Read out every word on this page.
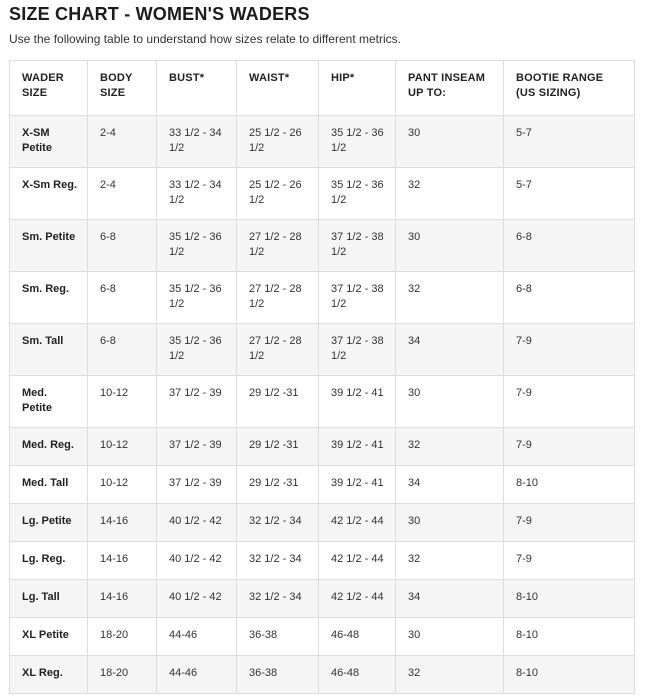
SIZE CHART - WOMEN'S WADERS
Use the following table to understand how sizes relate to different metrics.
WADER SIZE	BODY SIZE	BUST*	WAIST*	HIP*	PANT INSEAM UP TO:	BOOTIE RANGE (US SIZING)
X-SM Petite	2-4	33 1/2 - 34 1/2	25 1/2 - 26 1/2	35 1/2 - 36 1/2	30	5-7
X-Sm Reg.	2-4	33 1/2 - 34 1/2	25 1/2 - 26 1/2	35 1/2 - 36 1/2	32	5-7
Sm. Petite	6-8	35 1/2 - 36 1/2	27 1/2 - 28 1/2	37 1/2 - 38 1/2	30	6-8
Sm. Reg.	6-8	35 1/2 - 36 1/2	27 1/2 - 28 1/2	37 1/2 - 38 1/2	32	6-8
Sm. Tall	6-8	35 1/2 - 36 1/2	27 1/2 - 28 1/2	37 1/2 - 38 1/2	34	7-9
Med. Petite	10-12	37 1/2 - 39	29 1/2 -31	39 1/2 - 41	30	7-9
Med. Reg.	10-12	37 1/2 - 39	29 1/2 -31	39 1/2 - 41	32	7-9
Med. Tall	10-12	37 1/2 - 39	29 1/2 -31	39 1/2 - 41	34	8-10
Lg. Petite	14-16	40 1/2 - 42	32 1/2 - 34	42 1/2 - 44	30	7-9
Lg. Reg.	14-16	40 1/2 - 42	32 1/2 - 34	42 1/2 - 44	32	7-9
Lg. Tall	14-16	40 1/2 - 42	32 1/2 - 34	42 1/2 - 44	34	8-10
XL Petite	18-20	44-46	36-38	46-48	30	8-10
XL Reg.	18-20	44-46	36-38	46-48	32	8-10
